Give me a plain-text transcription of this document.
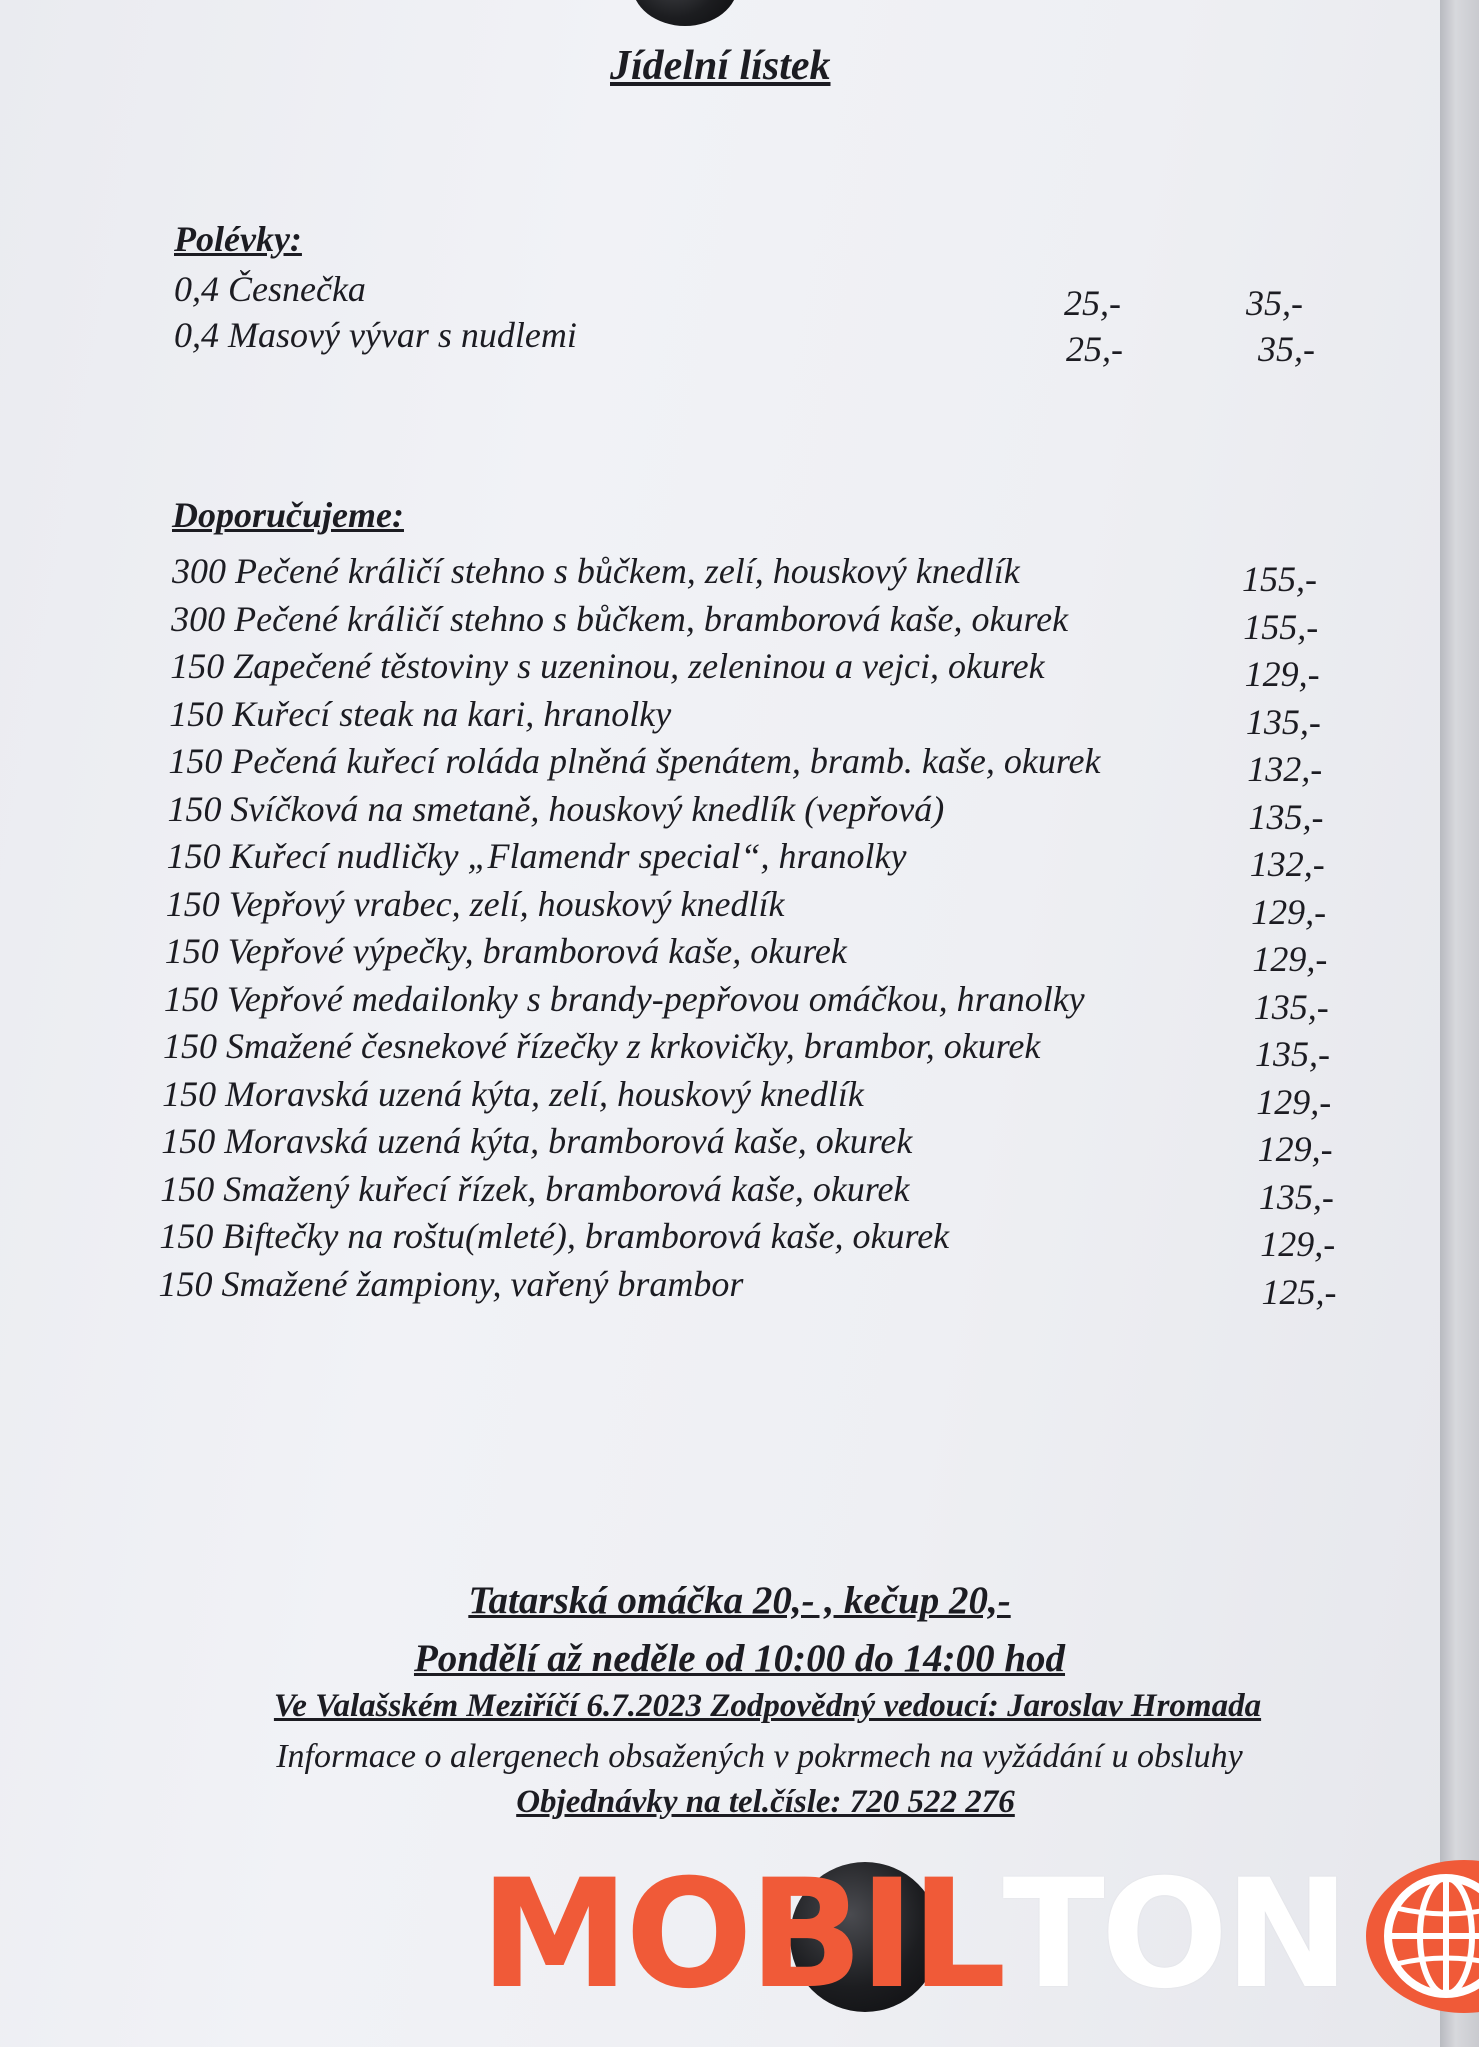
Jídelní lístek
Polévky:
0,4 Česnečka	25,-	35,-
0,4 Masový vývar s nudlemi	25,-	35,-
Doporučujeme:
300 Pečené králičí stehno s bůčkem, zelí, houskový knedlík	155,-
300 Pečené králičí stehno s bůčkem, bramborová kaše, okurek	155,-
150 Zapečené těstoviny s uzeninou, zeleninou a vejci, okurek	129,-
150 Kuřecí steak na kari, hranolky	135,-
150 Pečená kuřecí roláda plněná špenátem, bramb. kaše, okurek	132,-
150 Svíčková na smetaně, houskový knedlík (vepřová)	135,-
150 Kuřecí nudličky „Flamendr special“, hranolky	132,-
150 Vepřový vrabec, zelí, houskový knedlík	129,-
150 Vepřové výpečky, bramborová kaše, okurek	129,-
150 Vepřové medailonky s brandy-pepřovou omáčkou, hranolky	135,-
150 Smažené česnekové řízečky z krkovičky, brambor, okurek	135,-
150 Moravská uzená kýta, zelí, houskový knedlík	129,-
150 Moravská uzená kýta, bramborová kaše, okurek	129,-
150 Smažený kuřecí řízek, bramborová kaše, okurek	135,-
150 Biftečky na roštu(mleté), bramborová kaše, okurek	129,-
150 Smažené žampiony, vařený brambor	125,-
Tatarská omáčka 20,- , kečup 20,-
Pondělí až neděle od 10:00 do 14:00 hod
Ve Valašském Meziříčí 6.7.2023 Zodpovědný vedoucí: Jaroslav Hromada
Informace o alergenech obsažených v pokrmech na vyžádání u obsluhy
Objednávky na tel.čísle: 720 522 276
MOBIL TON
